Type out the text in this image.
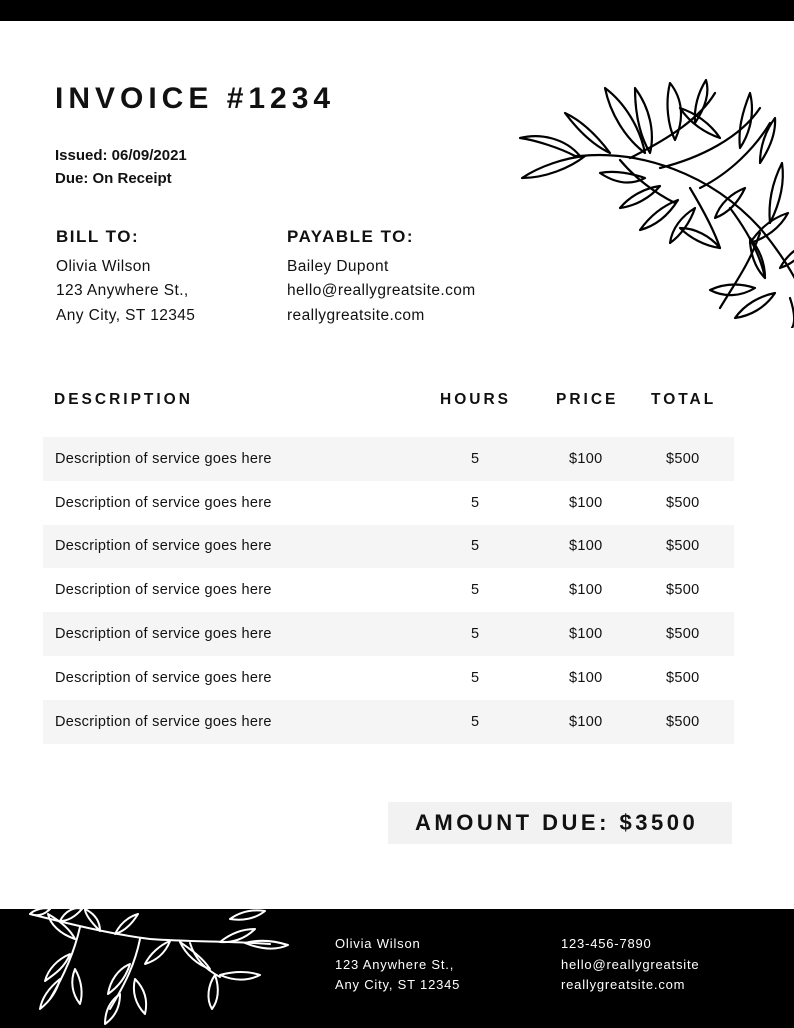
INVOICE #1234
Issued: 06/09/2021
Due: On Receipt
BILL TO:
Olivia Wilson
123 Anywhere St.,
Any City, ST 12345
PAYABLE TO:
Bailey Dupont
hello@reallygreatsite.com
reallygreatsite.com
DESCRIPTION	HOURS	PRICE TOTAL
Description of service goes here	5	$100	$500
Description of service goes here	5	$100	$500
Description of service goes here	5	$100	$500
Description of service goes here	5	$100	$500
Description of service goes here	5	$100	$500
Description of service goes here	5	$100	$500
Description of service goes here	5	$100	$500
AMOUNT DUE: $3500
Olivia Wilson
123 Anywhere St.,
Any City, ST 12345
123-456-7890
hello@reallygreatsite
reallygreatsite.com
